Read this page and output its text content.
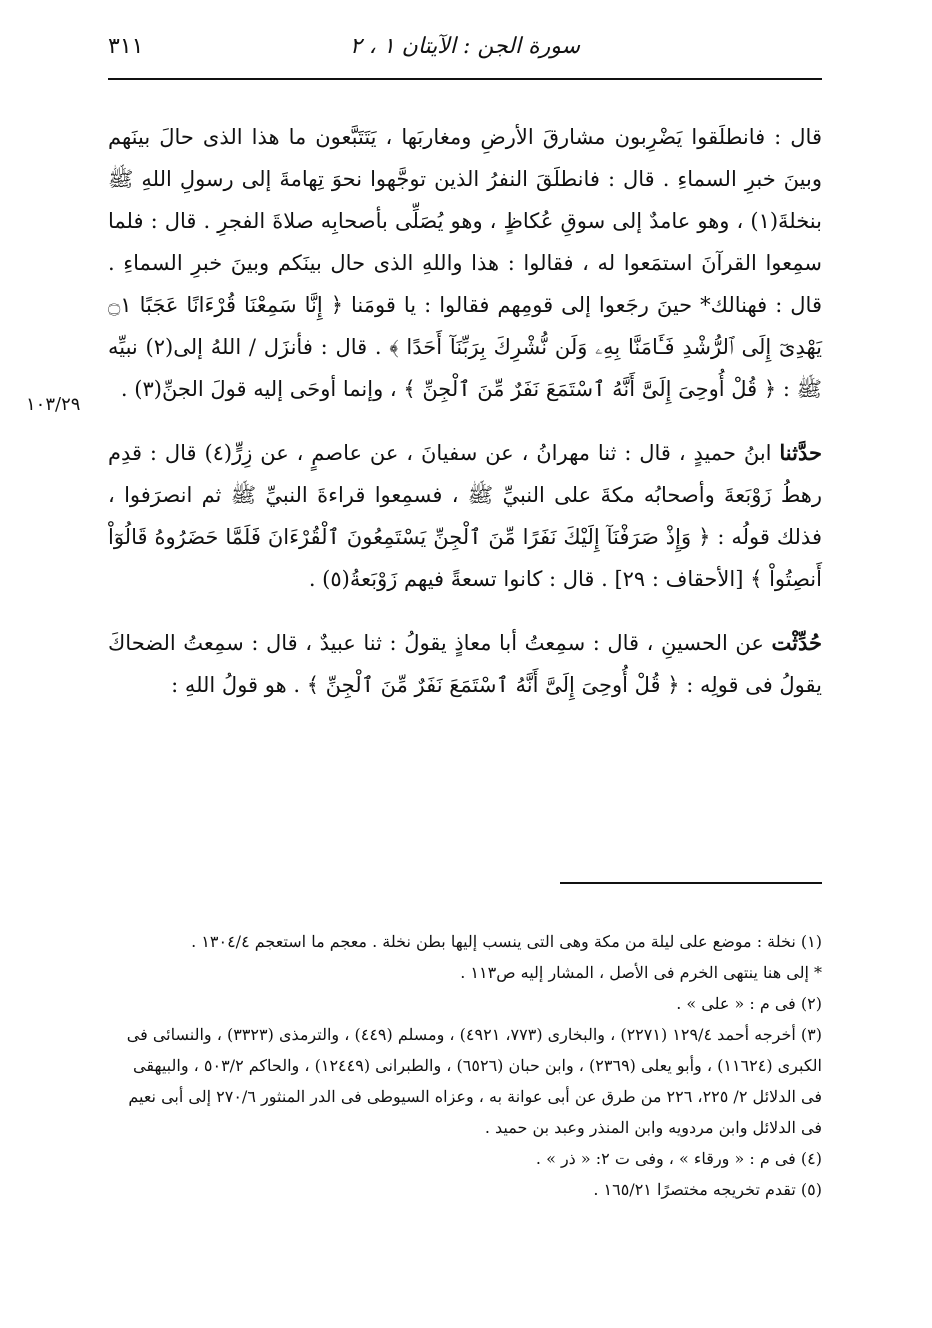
سورة الجن : الآيتان ١ ، ٢
٣١١
١٠٣/٢٩

قال : فانطلَقوا يَضْرِبون مشارقَ الأرضِ ومغاربَها ، يَتَتَبَّعون ما هذا الذى حالَ بينَهم وبينَ خبرِ السماءِ . قال : فانطلَقَ النفرُ الذين توجَّهوا نحوَ تِهامةَ إلى رسولِ اللهِ ﷺ بنخلةَ(١) ، وهو عامدٌ إلى سوقِ عُكاظٍ ، وهو يُصَلِّى بأصحابِه صلاةَ الفجرِ . قال : فلما سمِعوا القرآنَ استمَعوا له ، فقالوا : هذا واللهِ الذى حال بينَكم وبينَ خبرِ السماءِ . قال : فهنالك* حينَ رجَعوا إلى قومِهم فقالوا : يا قومَنا ﴿ إِنَّا سَمِعْنَا قُرْءَانًا عَجَبًا ۝١ يَهْدِىٓ إِلَى ٱلرُّشْدِ فَـَٔامَنَّا بِهِۦ وَلَن نُّشْرِكَ بِرَبِّنَآ أَحَدًا ﴾ . قال : فأنزَل / اللهُ إلى(٢) نبيِّه ﷺ : ﴿ قُلْ أُوحِىَ إِلَىَّ أَنَّهُ ٱسْتَمَعَ نَفَرٌ مِّنَ ٱلْجِنِّ ﴾ ، وإنما أوحَى إليه قولَ الجنِّ(٣) .

حدَّثنا ابنُ حميدٍ ، قال : ثنا مهرانُ ، عن سفيانَ ، عن عاصمٍ ، عن زِرٍّ(٤) قال : قدِم رهطُ زَوْبَعةَ وأصحابُه مكةَ على النبيِّ ﷺ ، فسمِعوا قراءةَ النبيِّ ﷺ ثم انصرَفوا ، فذلك قولُه : ﴿ وَإِذْ صَرَفْنَآ إِلَيْكَ نَفَرًا مِّنَ ٱلْجِنِّ يَسْتَمِعُونَ ٱلْقُرْءَانَ فَلَمَّا حَضَرُوهُ قَالُوٓاْ أَنصِتُواْ ﴾ [الأحقاف : ٢٩] . قال : كانوا تسعةً فيهم زَوْبَعةُ(٥) .

حُدِّثْت عن الحسينِ ، قال : سمِعتُ أبا معاذٍ يقولُ : ثنا عبيدٌ ، قال : سمِعتُ الضحاكَ يقولُ فى قولِه : ﴿ قُلْ أُوحِىَ إِلَىَّ أَنَّهُ ٱسْتَمَعَ نَفَرٌ مِّنَ ٱلْجِنِّ ﴾ . هو قولُ اللهِ :

(١) نخلة : موضع على ليلة من مكة وهى التى ينسب إليها بطن نخلة . معجم ما استعجم ١٣٠٤/٤ .
* إلى هنا ينتهى الخرم فى الأصل ، المشار إليه ص١١٣ .
(٢) فى م : « على » .
(٣) أخرجه أحمد ١٢٩/٤ (٢٢٧١) ، والبخارى (٧٧٣، ٤٩٢١) ، ومسلم (٤٤٩) ، والترمذى (٣٣٢٣) ، والنسائى فى الكبرى (١١٦٢٤) ، وأبو يعلى (٢٣٦٩) ، وابن حبان (٦٥٢٦) ، والطبرانى (١٢٤٤٩) ، والحاكم ٥٠٣/٢ ، والبيهقى فى الدلائل ٢/ ٢٢٥، ٢٢٦ من طرق عن أبى عوانة به ، وعزاه السيوطى فى الدر المنثور ٢٧٠/٦ إلى أبى نعيم فى الدلائل وابن مردويه وابن المنذر وعبد بن حميد .
(٤) فى م : « ورقاء » ، وفى ت ٢: « ذر » .
(٥) تقدم تخريجه مختصرًا ١٦٥/٢١ .
